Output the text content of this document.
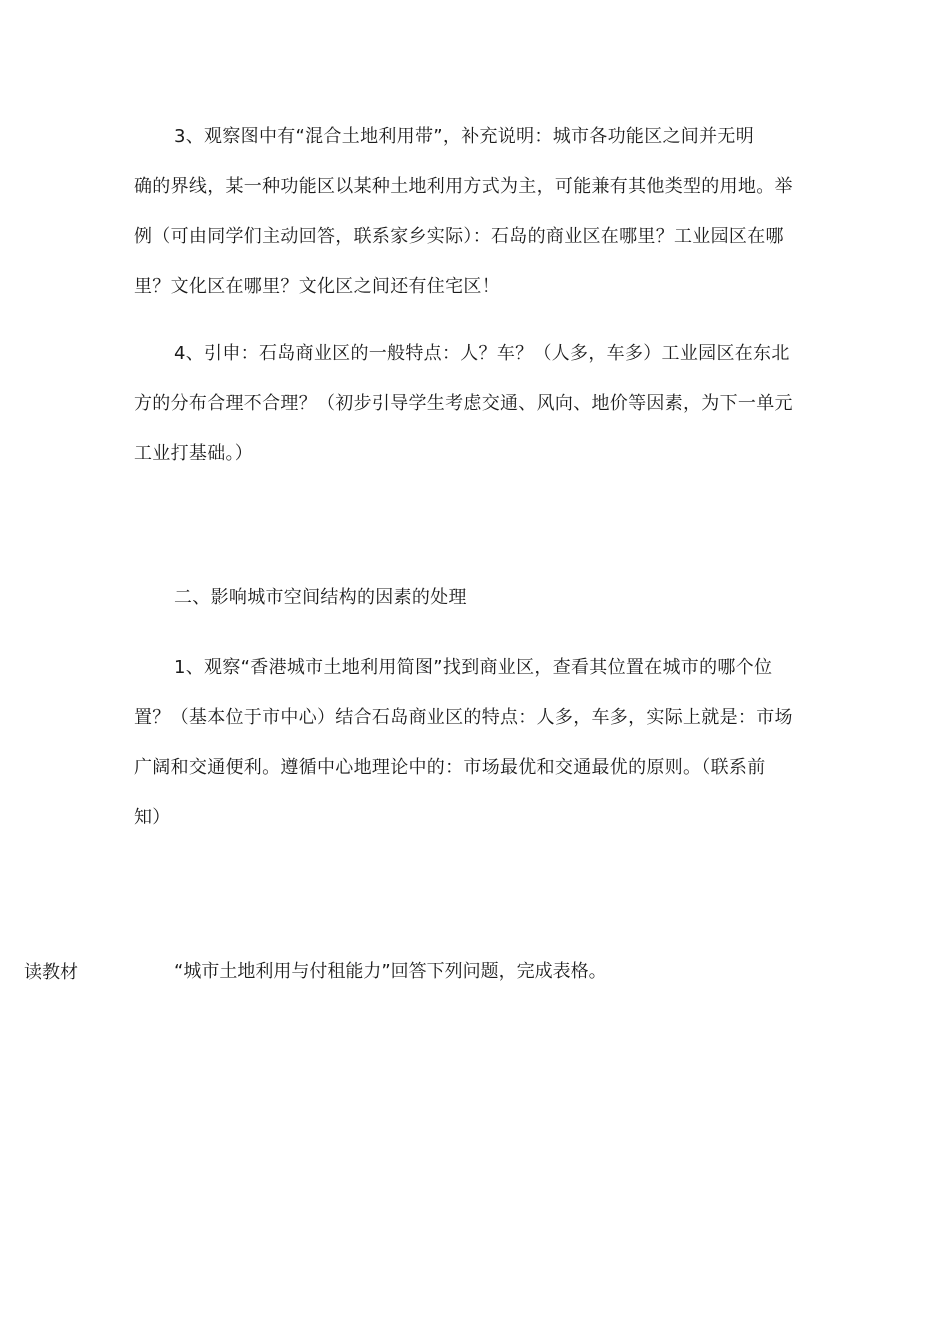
3、观察图中有“混合土地利用带”，补充说明：城市各功能区之间并无明
确的界线，某一种功能区以某种土地利用方式为主，可能兼有其他类型的用地。举
例（可由同学们主动回答，联系家乡实际）：石岛的商业区在哪里？工业园区在哪
里？文化区在哪里？文化区之间还有住宅区！
4、引申：石岛商业区的一般特点：人？车？（人多，车多）工业园区在东北
方的分布合理不合理？（初步引导学生考虑交通、风向、地价等因素，为下一单元
工业打基础。）
二、影响城市空间结构的因素的处理
1、观察“香港城市土地利用简图”找到商业区，查看其位置在城市的哪个位
置？（基本位于市中心）结合石岛商业区的特点：人多，车多，实际上就是：市场
广阔和交通便利。遵循中心地理论中的：市场最优和交通最优的原则。（联系前
知）

读教材	“城市土地利用与付租能力”回答下列问题，完成表格。
